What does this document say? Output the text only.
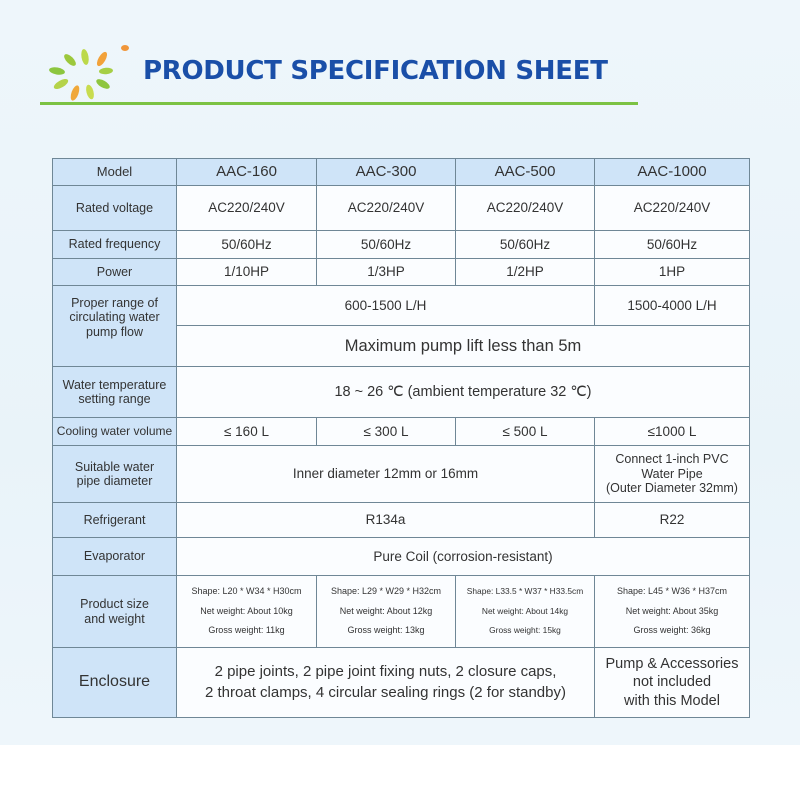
PRODUCT SPECIFICATION SHEET
Model	AAC-160	AAC-300	AAC-500	AAC-1000
Rated voltage	AC220/240V	AC220/240V	AC220/240V	AC220/240V
Rated frequency	50/60Hz	50/60Hz	50/60Hz	50/60Hz
Power	1/10HP	1/3HP	1/2HP	1HP

Proper range of
circulating water
pump flow	600-1500 L/H			1500-4000 L/H
	Maximum pump lift less than 5m			

Water temperature
setting range	18 ~ 26 ℃ (ambient temperature 32 ℃)			
Cooling water volume	≤ 160 L	≤ 300 L	≤ 500 L	≤1000 L

Suitable water
pipe diameter	Inner diameter 12mm or 16mm			Connect 1-inch PVC
Water Pipe
(Outer Diameter 32mm)

Refrigerant	R134a			R22
Evaporator	Pure Coil (corrosion-resistant)			

Product size
and weight	Shape: L20 * W34 * H30cm
Net weight: About 10kg
Gross weight: 11kg	Shape: L29 * W29 * H32cm
Net weight: About 12kg
Gross weight: 13kg	Shape: L33.5 * W37 * H33.5cm
Net weight: About 14kg
Gross weight: 15kg	Shape: L45 * W36 * H37cm
Net weight: About 35kg
Gross weight: 36kg

Enclosure	2 pipe joints, 2 pipe joint fixing nuts, 2 closure caps,
2 throat clamps, 4 circular sealing rings (2 for standby)			Pump & Accessories
not included
with this Model
